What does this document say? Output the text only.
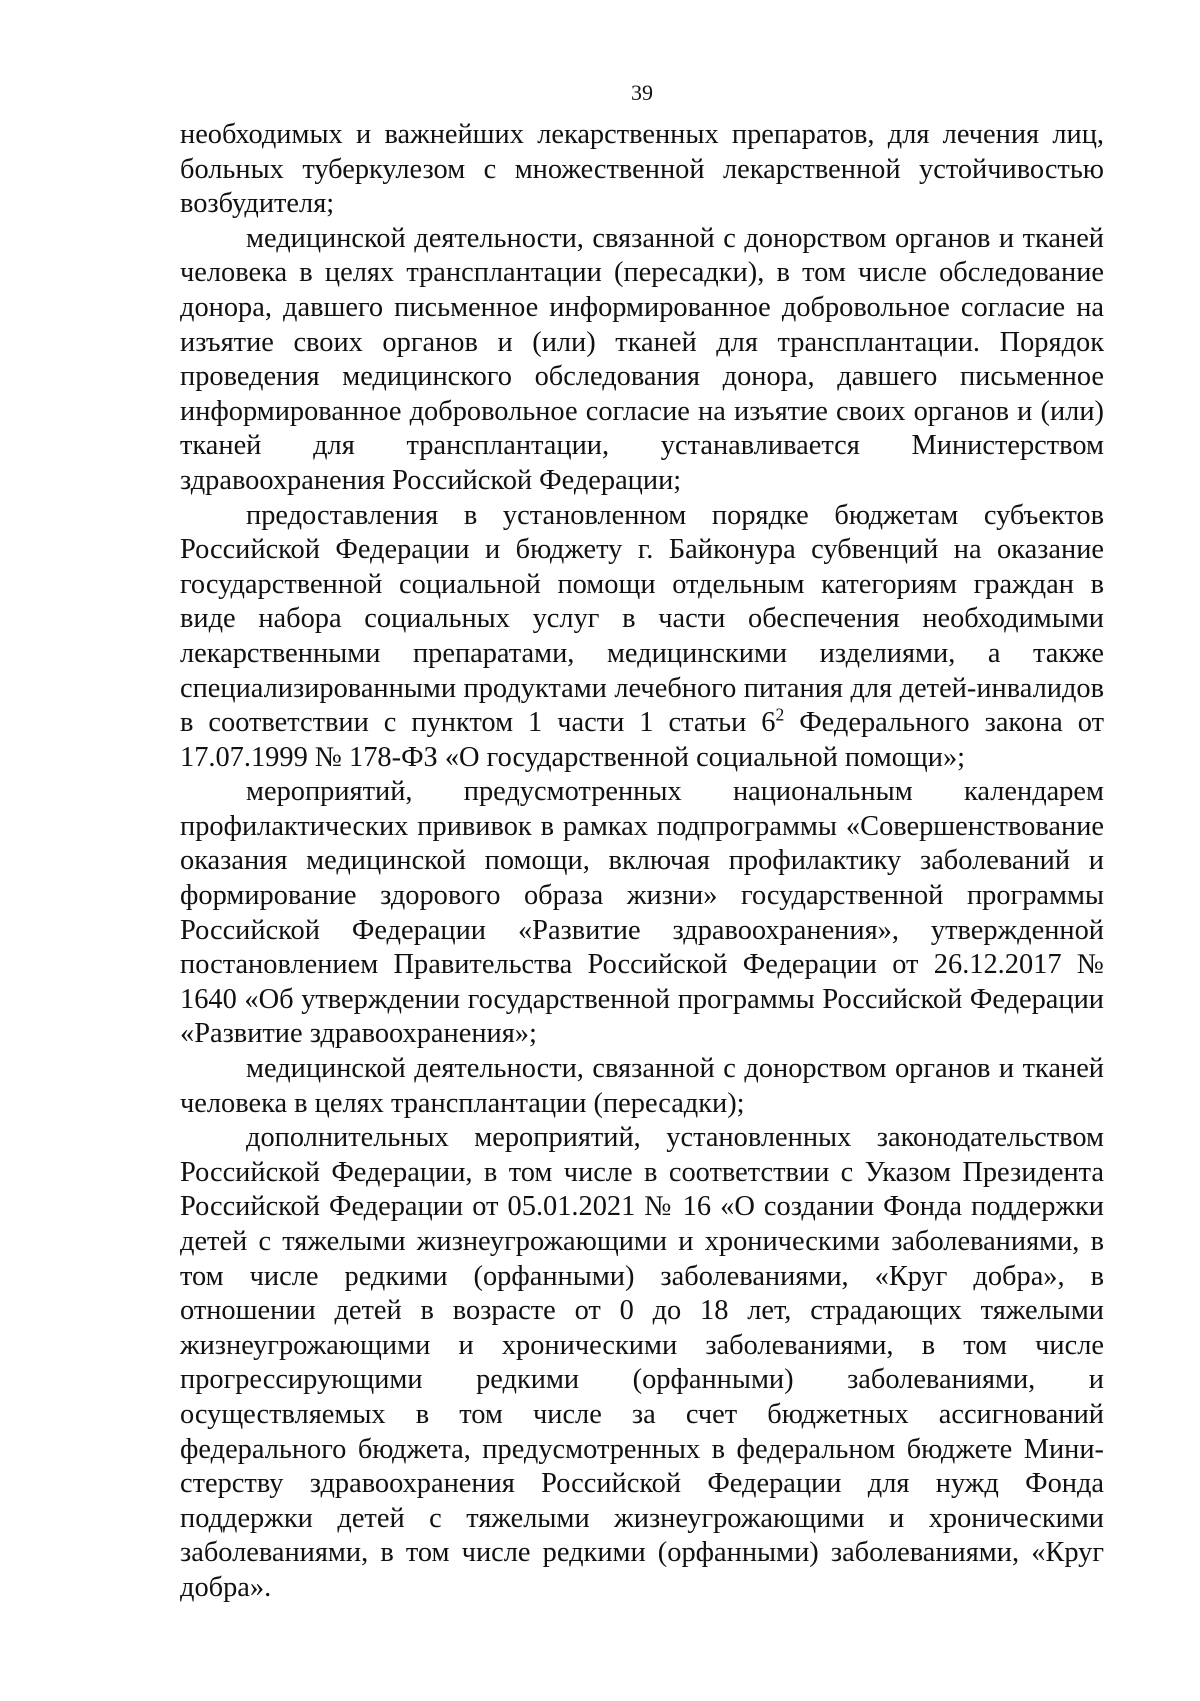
39

необходимых и важнейших лекарственных препаратов, для лечения лиц, больных туберкулезом с множественной лекарственной устойчивостью возбудителя;

медицинской деятельности, связанной с донорством органов и тканей человека в целях трансплантации (пересадки), в том числе обследование донора, давшего письменное информированное добровольное согласие на изъятие своих органов и (или) тканей для трансплантации. Порядок проведения медицинского обследования донора, давшего письменное информированное добровольное согласие на изъятие своих органов и (или) тканей для трансплантации, устанавливается Министерством здравоохранения Российской Федерации;

предоставления в установленном порядке бюджетам субъектов Российской Федерации и бюджету г. Байконура субвенций на оказание государственной социальной помощи отдельным категориям граждан в виде набора социальных услуг в части обеспечения необходимыми лекарственными препаратами, медицинскими изделиями, а также специализированными продуктами лечебного питания для детей-инвалидов в соответствии с пунктом 1 части 1 статьи $6^2$ Федерального закона от 17.07.1999 № 178-ФЗ «О государственной социальной помощи»;

мероприятий, предусмотренных национальным календарем профилактических прививок в рамках подпрограммы «Совершенствование оказания медицинской помощи, включая профилактику заболеваний и формирование здорового образа жизни» государственной программы Российской Федерации «Развитие здравоохранения», утвержденной постановлением Правительства Российской Федерации от 26.12.2017 № 1640 «Об утверждении государственной программы Российской Федерации «Развитие здравоохранения»;

медицинской деятельности, связанной с донорством органов и тканей человека в целях трансплантации (пересадки);

дополнительных мероприятий, установленных законодательством Российской Федерации, в том числе в соответствии с Указом Президента Российской Федерации от 05.01.2021 № 16 «О создании Фонда поддержки детей с тяжелыми жизнеугрожающими и хроническими заболеваниями, в том числе редкими (орфанными) заболеваниями, «Круг добра», в отношении детей в возрасте от 0 до 18 лет, страдающих тяжелыми жизнеугрожающими и хроническими заболеваниями, в том числе прогрессирующими редкими (орфанными) заболеваниями, и осуществляемых в том числе за счет бюджетных ассигнований федерального бюджета, предусмотренных в федеральном бюджете Министерству здравоохранения Российской Федерации для нужд Фонда поддержки детей с тяжелыми жизнеугрожающими и хроническими заболеваниями, в том числе редкими (орфанными) заболеваниями, «Круг добра».
